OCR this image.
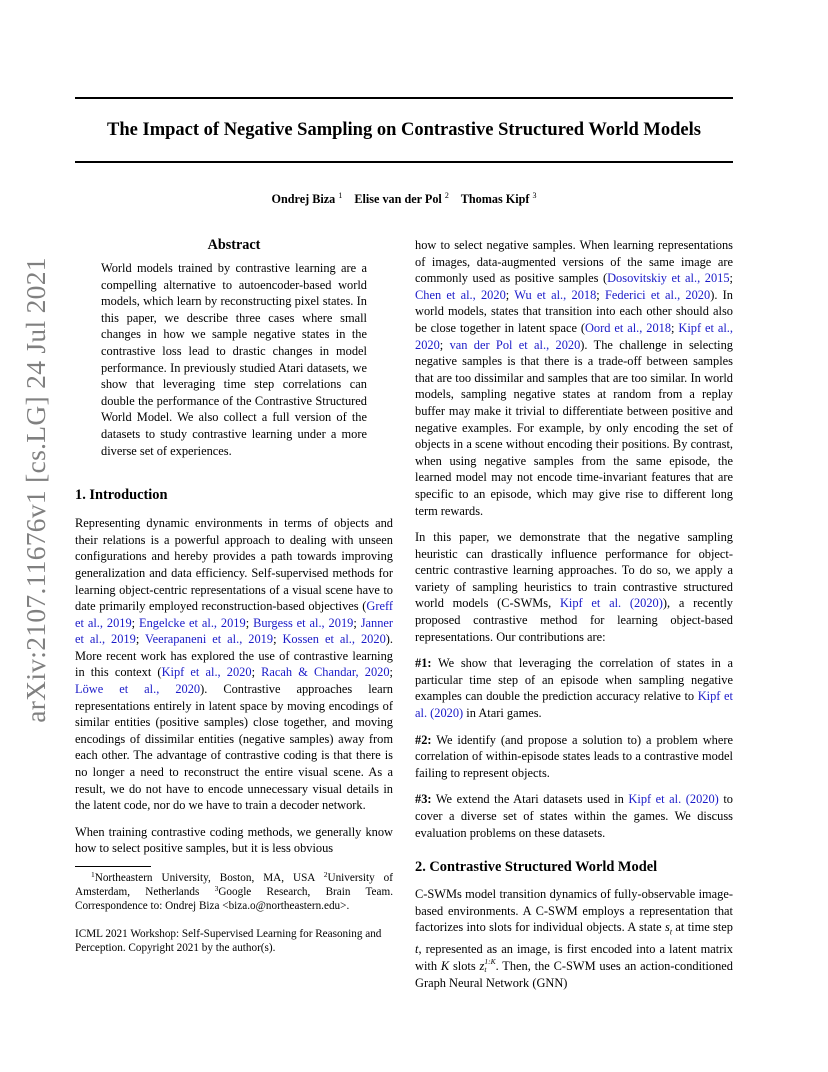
arXiv:2107.11676v1 [cs.LG] 24 Jul 2021
The Impact of Negative Sampling on Contrastive Structured World Models
Ondrej Biza $^1$ Elise van der Pol $^2$ Thomas Kipf $^3$

Abstract

World models trained by contrastive learning are a compelling alternative to autoencoder-based world models, which learn by reconstructing pixel states. In this paper, we describe three cases where small changes in how we sample negative states in the contrastive loss lead to drastic changes in model performance. In previously studied Atari datasets, we show that leveraging time step correlations can double the performance of the Contrastive Structured World Model. We also collect a full version of the datasets to study contrastive learning under a more diverse set of experiences.

1. Introduction

Representing dynamic environments in terms of objects and their relations is a powerful approach to dealing with unseen configurations and hereby provides a path towards improving generalization and data efficiency. Self-supervised methods for learning object-centric representations of a visual scene have to date primarily employed reconstruction-based objectives (Greff et al., 2019; Engelcke et al., 2019; Burgess et al., 2019; Janner et al., 2019; Veerapaneni et al., 2019; Kossen et al., 2020). More recent work has explored the use of contrastive learning in this context (Kipf et al., 2020; Racah & Chandar, 2020; Löwe et al., 2020). Contrastive approaches learn representations entirely in latent space by moving encodings of similar entities (positive samples) close together, and moving encodings of dissimilar entities (negative samples) away from each other. The advantage of contrastive coding is that there is no longer a need to reconstruct the entire visual scene. As a result, we do not have to encode unnecessary visual details in the latent code, nor do we have to train a decoder network.

When training contrastive coding methods, we generally know how to select positive samples, but it is less obvious

$^1$Northeastern University, Boston, MA, USA $^2$University of Amsterdam, Netherlands $^3$Google Research, Brain Team. Correspondence to: Ondrej Biza <biza.o@northeastern.edu>.

ICML 2021 Workshop: Self-Supervised Learning for Reasoning and Perception. Copyright 2021 by the author(s).

how to select negative samples. When learning representations of images, data-augmented versions of the same image are commonly used as positive samples (Dosovitskiy et al., 2015; Chen et al., 2020; Wu et al., 2018; Federici et al., 2020). In world models, states that transition into each other should also be close together in latent space (Oord et al., 2018; Kipf et al., 2020; van der Pol et al., 2020). The challenge in selecting negative samples is that there is a trade-off between samples that are too dissimilar and samples that are too similar. In world models, sampling negative states at random from a replay buffer may make it trivial to differentiate between positive and negative examples. For example, by only encoding the set of objects in a scene without encoding their positions. By contrast, when using negative samples from the same episode, the learned model may not encode time-invariant features that are specific to an episode, which may give rise to different long term rewards.

In this paper, we demonstrate that the negative sampling heuristic can drastically influence performance for object-centric contrastive learning approaches. To do so, we apply a variety of sampling heuristics to train contrastive structured world models (C-SWMs, Kipf et al. (2020)), a recently proposed contrastive method for learning object-based representations. Our contributions are:

#1: We show that leveraging the correlation of states in a particular time step of an episode when sampling negative examples can double the prediction accuracy relative to Kipf et al. (2020) in Atari games.

#2: We identify (and propose a solution to) a problem where correlation of within-episode states leads to a contrastive model failing to represent objects.

#3: We extend the Atari datasets used in Kipf et al. (2020) to cover a diverse set of states within the games. We discuss evaluation problems on these datasets.

2. Contrastive Structured World Model

C-SWMs model transition dynamics of fully-observable image-based environments. A C-SWM employs a representation that factorizes into slots for individual objects. A state $s_t$ at time step t, represented as an image, is first encoded into a latent matrix with K slots z 1:K
t . Then, the C-SWM uses an action-conditioned Graph Neural Network (GNN)
